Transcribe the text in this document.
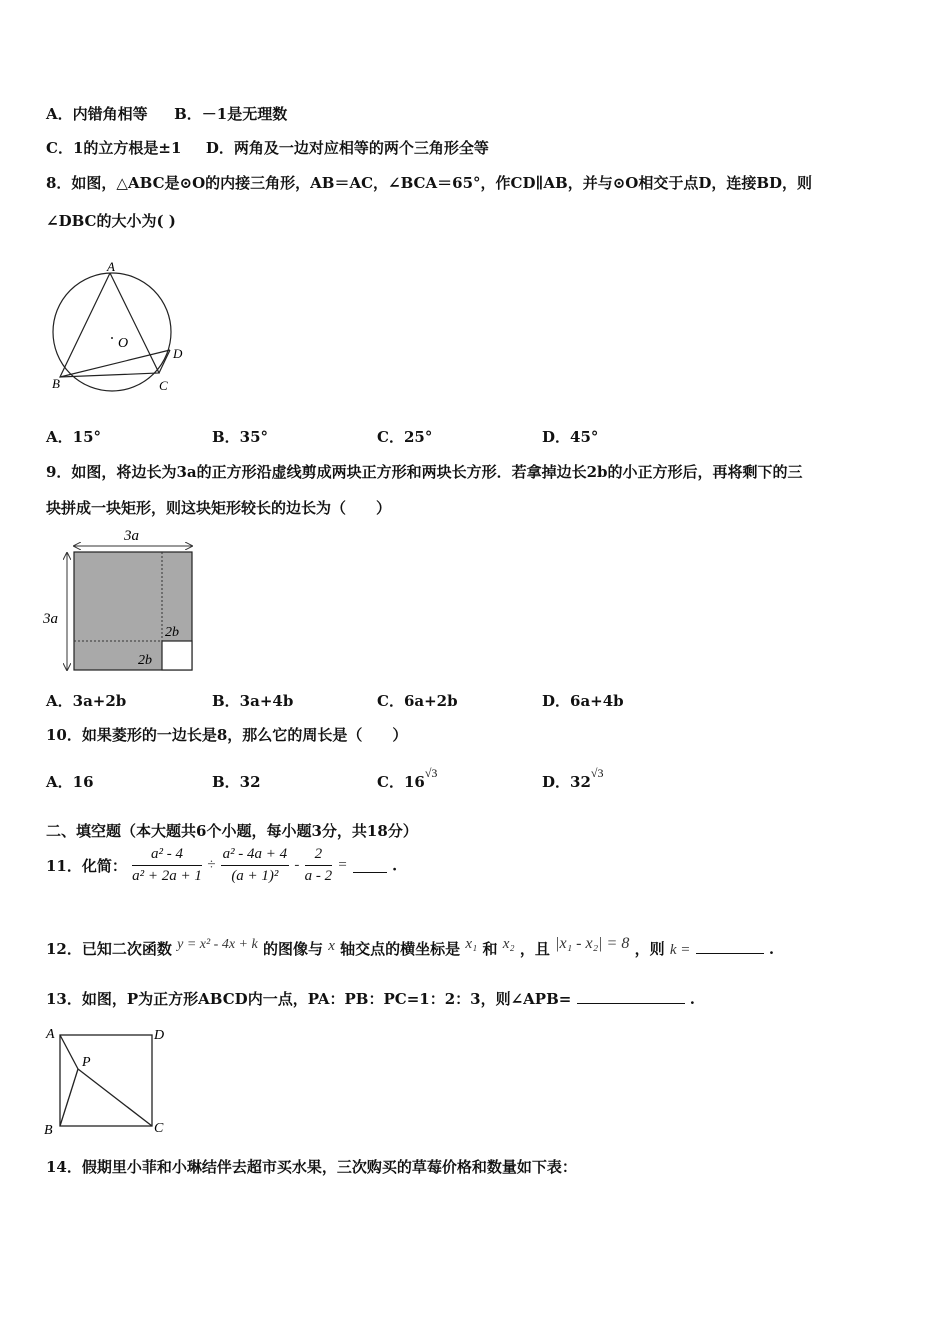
A．内错角相等 B．－1是无理数
C．1的立方根是±1 D．两角及一边对应相等的两个三角形全等
8．如图，△ABC是⊙O的内接三角形，AB＝AC，∠BCA＝65°，作CD∥AB，并与⊙O相交于点D，连接BD，则
∠DBC的大小为( )
A
O
B	C
D
A．15°	B．35°	C．25°	D．45°
9．如图，将边长为3a的正方形沿虚线剪成两块正方形和两块长方形．若拿掉边长2b的小正方形后，再将剩下的三
块拼成一块矩形，则这块矩形较长的边长为（　　）
3a
3a
2b
2b
A．3a+2b	B．3a+4b	C．6a+2b	D．6a+4b
10．如果菱形的一边长是8，那么它的周长是（　　）
A．16	B．32	C．$16^{√3}$	D．$32^{√3}$
二、填空题（本大题共6个小题，每小题3分，共18分）
11．化简： $\frac{\text{a² - 4}}{\text{a² + 2a + 1}} \div \frac{\text{a² - 4a + 4}}{\text{(a + 1)²}} - \frac{2}{a - 2}$ =	.
12．已知二次函数 y = x² - 4x + k 的图像与 x 轴交点的横坐标是 x₁ 和 x₂ ，且 |x₁ - x₂| = 8 ，则 k =	.
13．如图，P为正方形ABCD内一点，PA：PB：PC=1：2：3，则∠APB=	.
A	D
P
B	C
14．假期里小菲和小琳结伴去超市买水果，三次购买的草莓价格和数量如下表：
